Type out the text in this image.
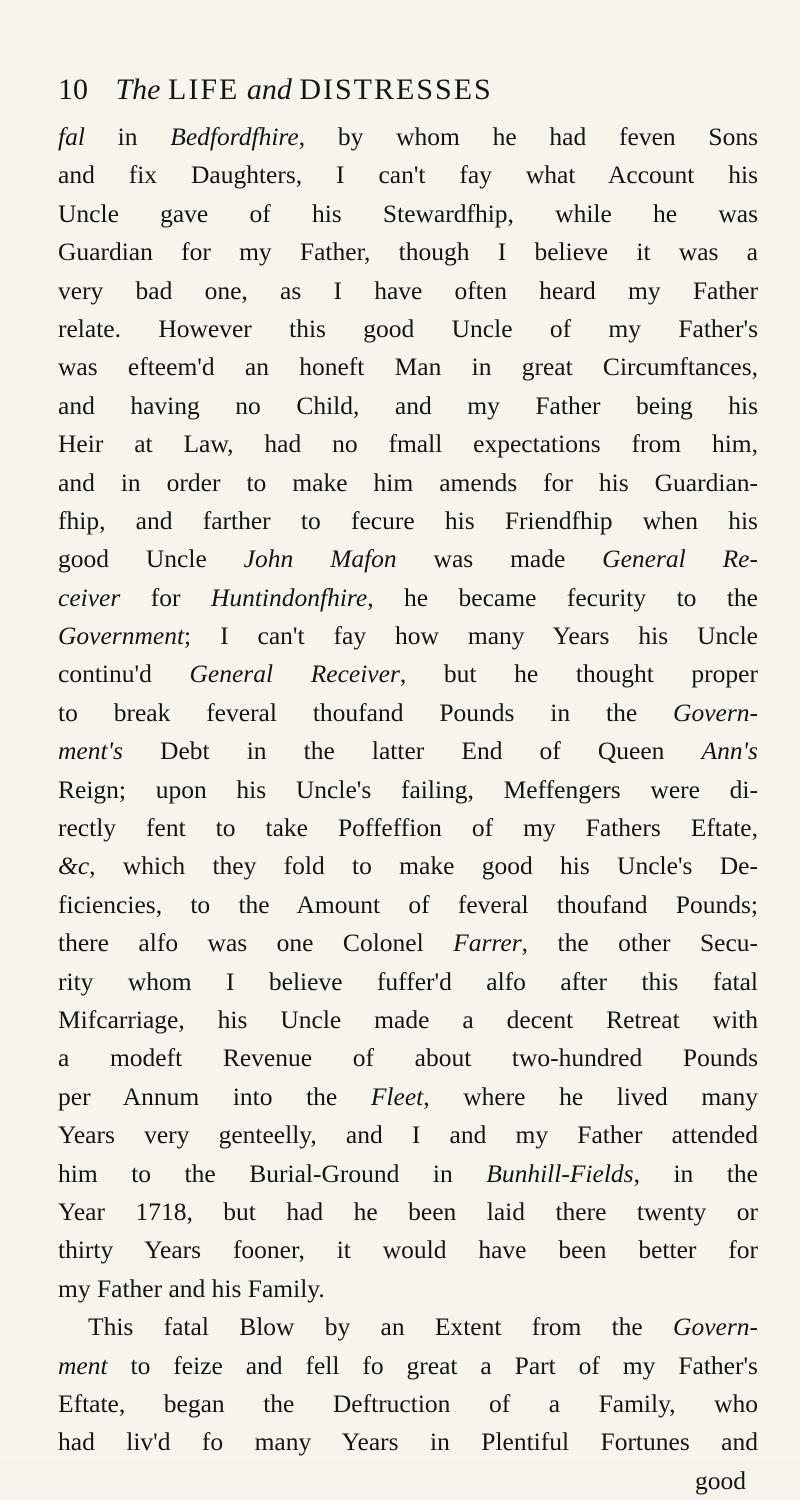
10 The LIFE and DISTRESSES
fal in Bedfordfhire, by whom he had feven Sons
and fix Daughters, I can't fay what Account his
Uncle gave of his Stewardfhip, while he was
Guardian for my Father, though I believe it was a
very bad one, as I have often heard my Father
relate. However this good Uncle of my Father's
was efteem'd an honeft Man in great Circumftances,
and having no Child, and my Father being his
Heir at Law, had no fmall expectations from him,
and in order to make him amends for his Guardian-
fhip, and farther to fecure his Friendfhip when his
good Uncle John Mafon was made General Re-
ceiver for Huntindonfhire, he became fecurity to the
Government; I can't fay how many Years his Uncle
continu'd General Receiver, but he thought proper
to break feveral thoufand Pounds in the Govern-
ment's Debt in the latter End of Queen Ann's
Reign; upon his Uncle's failing, Meffengers were di-
rectly fent to take Poffeffion of my Fathers Eftate,
&c, which they fold to make good his Uncle's De-
ficiencies, to the Amount of feveral thoufand Pounds;
there alfo was one Colonel Farrer, the other Secu-
rity whom I believe fuffer'd alfo after this fatal
Mifcarriage, his Uncle made a decent Retreat with
a modeft Revenue of about two-hundred Pounds
per Annum into the Fleet, where he lived many
Years very genteelly, and I and my Father attended
him to the Burial-Ground in Bunhill-Fields, in the
Year 1718, but had he been laid there twenty or
thirty Years fooner, it would have been better for
my Father and his Family.
This fatal Blow by an Extent from the Govern-
ment to feize and fell fo great a Part of my Father's
Eftate, began the Deftruction of a Family, who
had liv'd fo many Years in Plentiful Fortunes and
good
